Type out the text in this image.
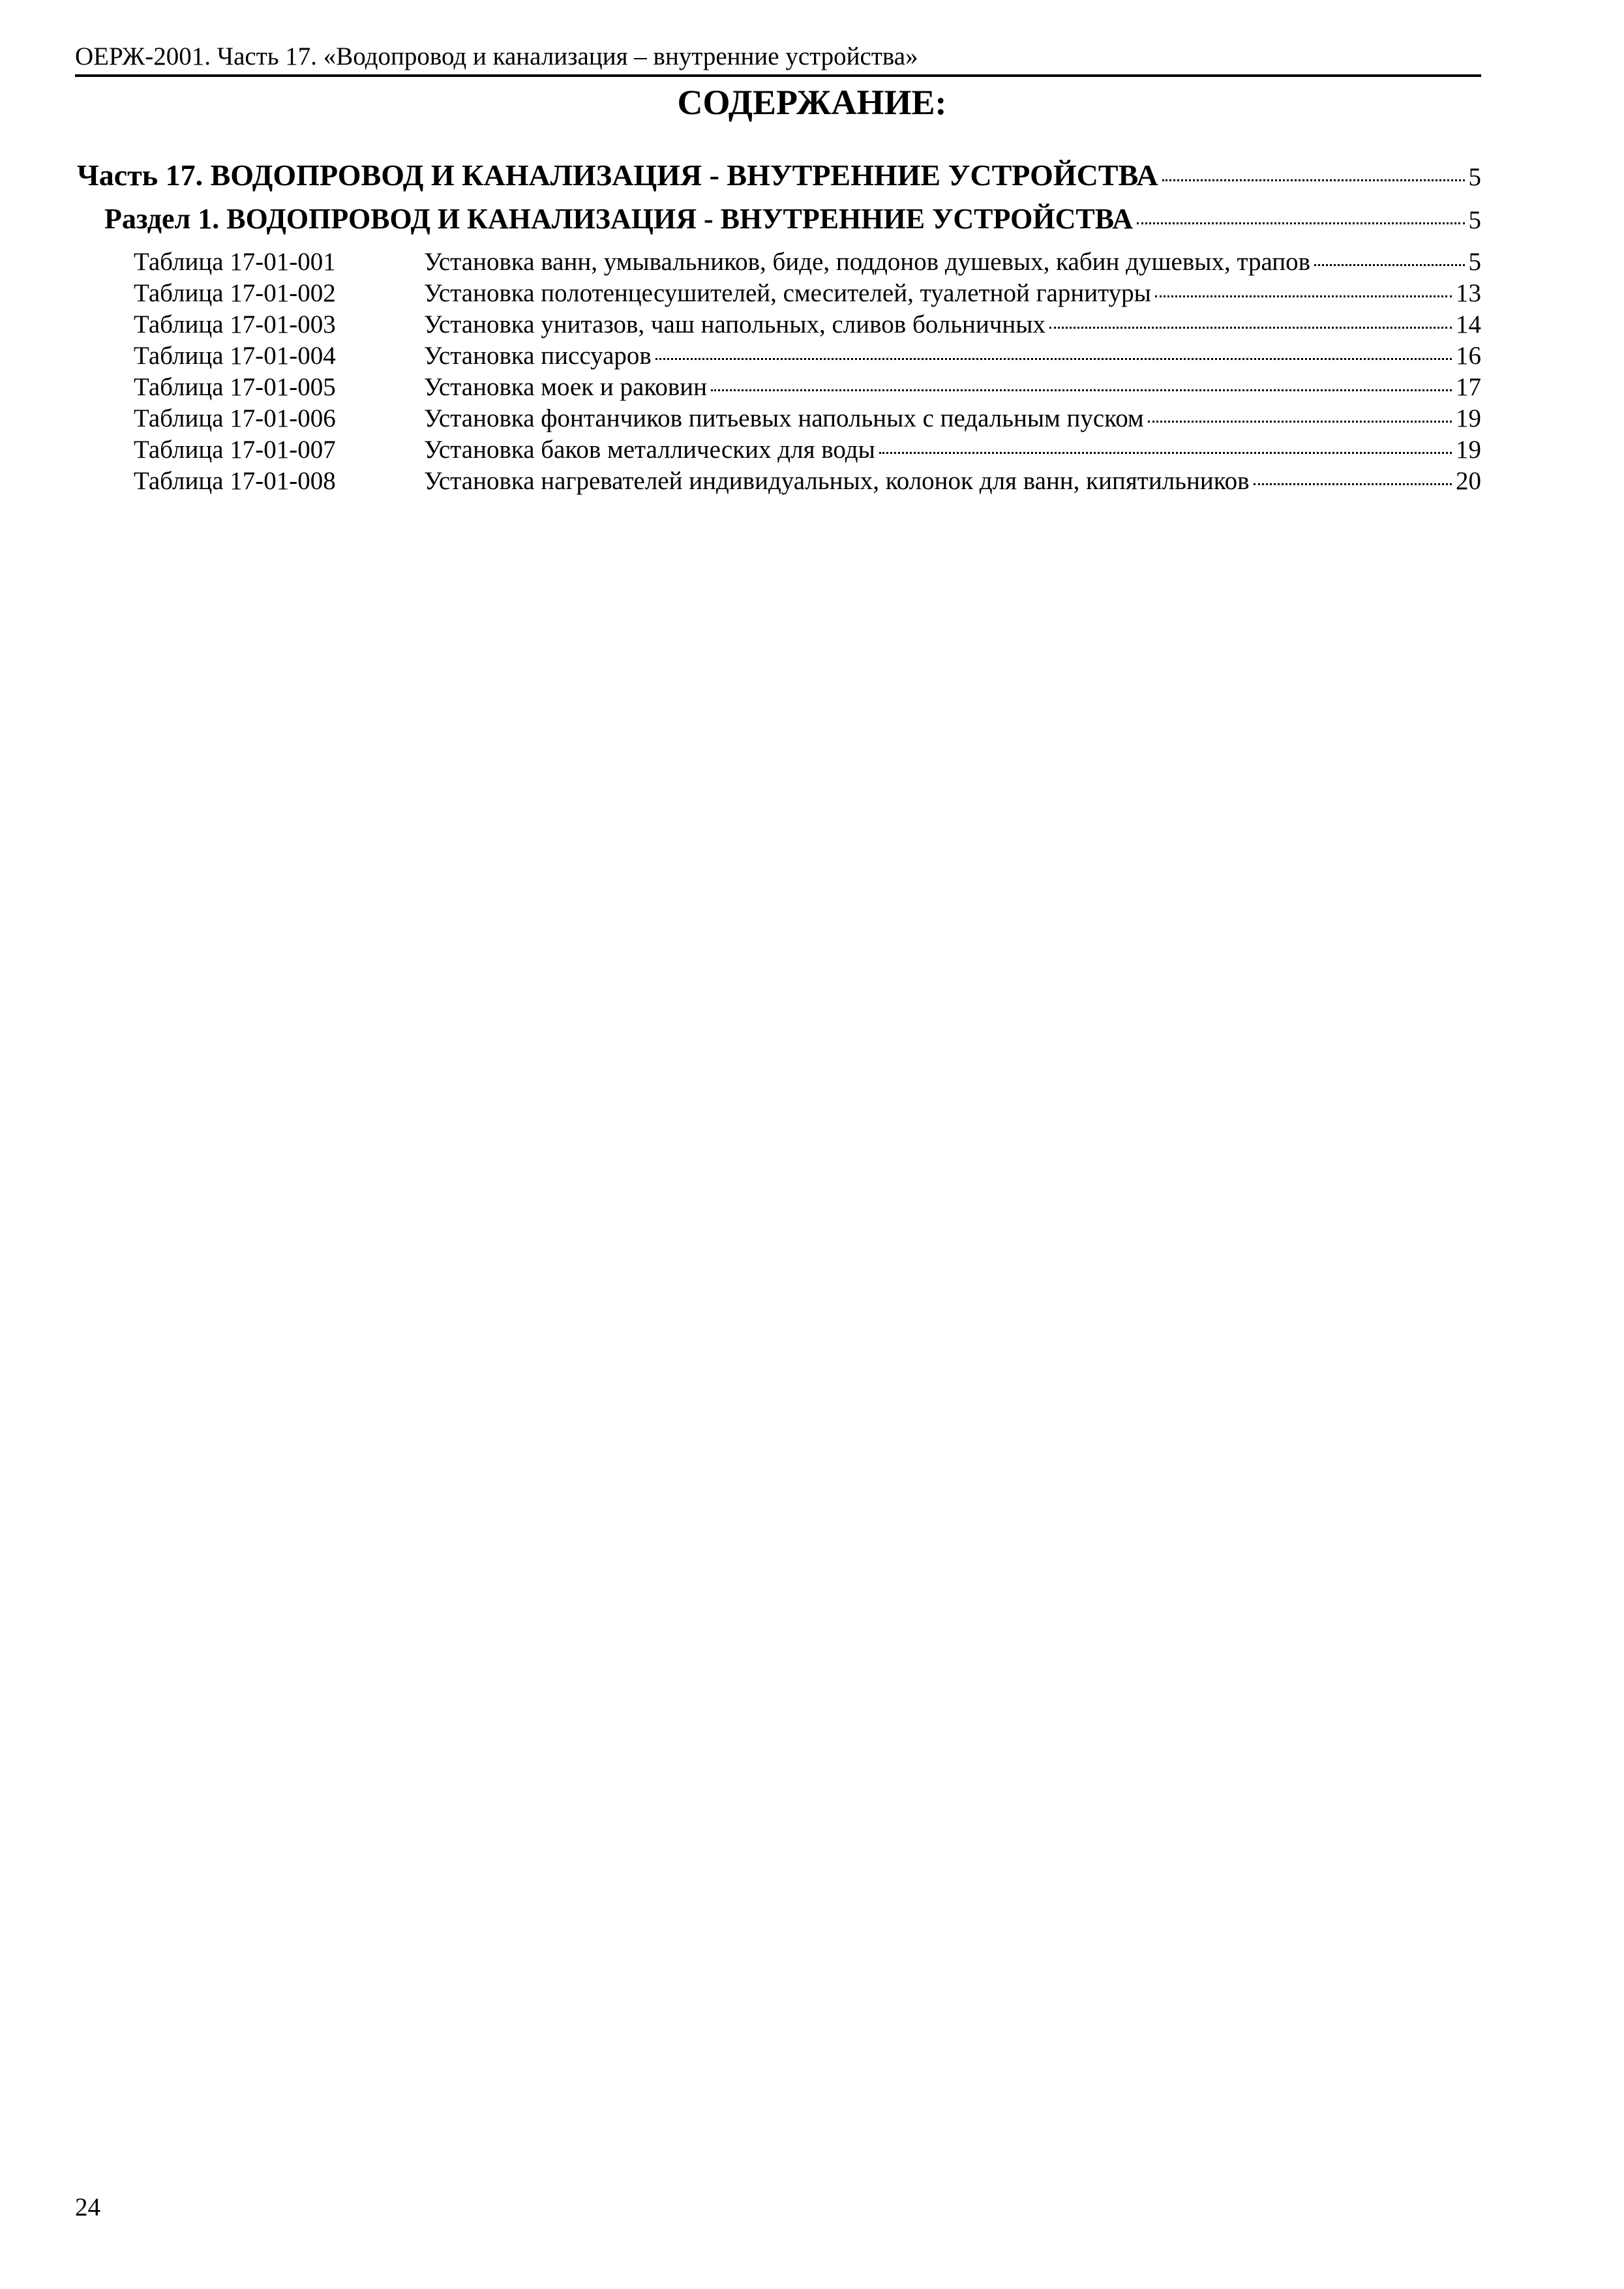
ОЕРЖ-2001. Часть 17. «Водопровод и канализация – внутренние устройства»
СОДЕРЖАНИЕ:
Часть 17. ВОДОПРОВОД И КАНАЛИЗАЦИЯ - ВНУТРЕННИЕ УСТРОЙСТВА	5
Раздел 1. ВОДОПРОВОД И КАНАЛИЗАЦИЯ - ВНУТРЕННИЕ УСТРОЙСТВА	5
Таблица 17-01-001	Установка ванн, умывальников, биде, поддонов душевых, кабин душевых, трапов	5
Таблица 17-01-002	Установка полотенцесушителей, смесителей, туалетной гарнитуры	13
Таблица 17-01-003	Установка унитазов, чаш напольных, сливов больничных	14
Таблица 17-01-004	Установка писсуаров	16
Таблица 17-01-005	Установка моек и раковин	17
Таблица 17-01-006	Установка фонтанчиков питьевых напольных с педальным пуском	19
Таблица 17-01-007	Установка баков металлических для воды	19
Таблица 17-01-008	Установка нагревателей индивидуальных, колонок для ванн, кипятильников	20
24
